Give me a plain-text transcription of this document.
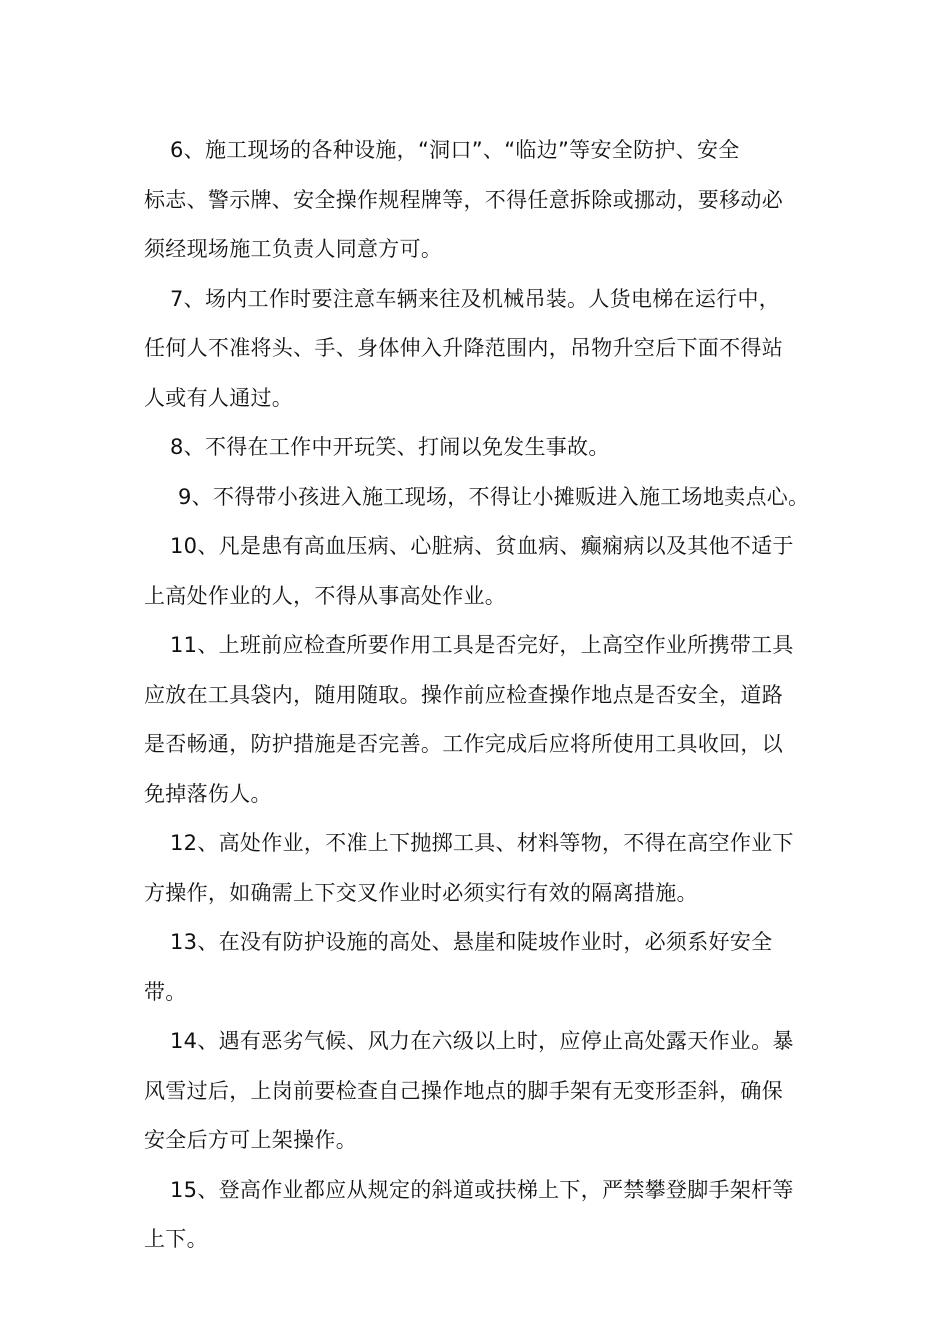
6、施工现场的各种设施，“洞口”、“临边”等安全防护、安全
标志、警示牌、安全操作规程牌等，不得任意拆除或挪动，要移动必
须经现场施工负责人同意方可。

7、场内工作时要注意车辆来往及机械吊装。人货电梯在运行中，
任何人不准将头、手、身体伸入升降范围内，吊物升空后下面不得站
人或有人通过。

8、不得在工作中开玩笑、打闹以免发生事故。

9、不得带小孩进入施工现场，不得让小摊贩进入施工场地卖点心。

10、凡是患有高血压病、心脏病、贫血病、癫痫病以及其他不适于
上高处作业的人，不得从事高处作业。

11、上班前应检查所要作用工具是否完好，上高空作业所携带工具
应放在工具袋内，随用随取。操作前应检查操作地点是否安全，道路
是否畅通，防护措施是否完善。工作完成后应将所使用工具收回，以
免掉落伤人。

12、高处作业，不准上下抛掷工具、材料等物，不得在高空作业下
方操作，如确需上下交叉作业时必须实行有效的隔离措施。

13、在没有防护设施的高处、悬崖和陡坡作业时，必须系好安全带。

14、遇有恶劣气候、风力在六级以上时，应停止高处露天作业。暴
风雪过后，上岗前要检查自己操作地点的脚手架有无变形歪斜，确保
安全后方可上架操作。

15、登高作业都应从规定的斜道或扶梯上下，严禁攀登脚手架杆等
上下。
